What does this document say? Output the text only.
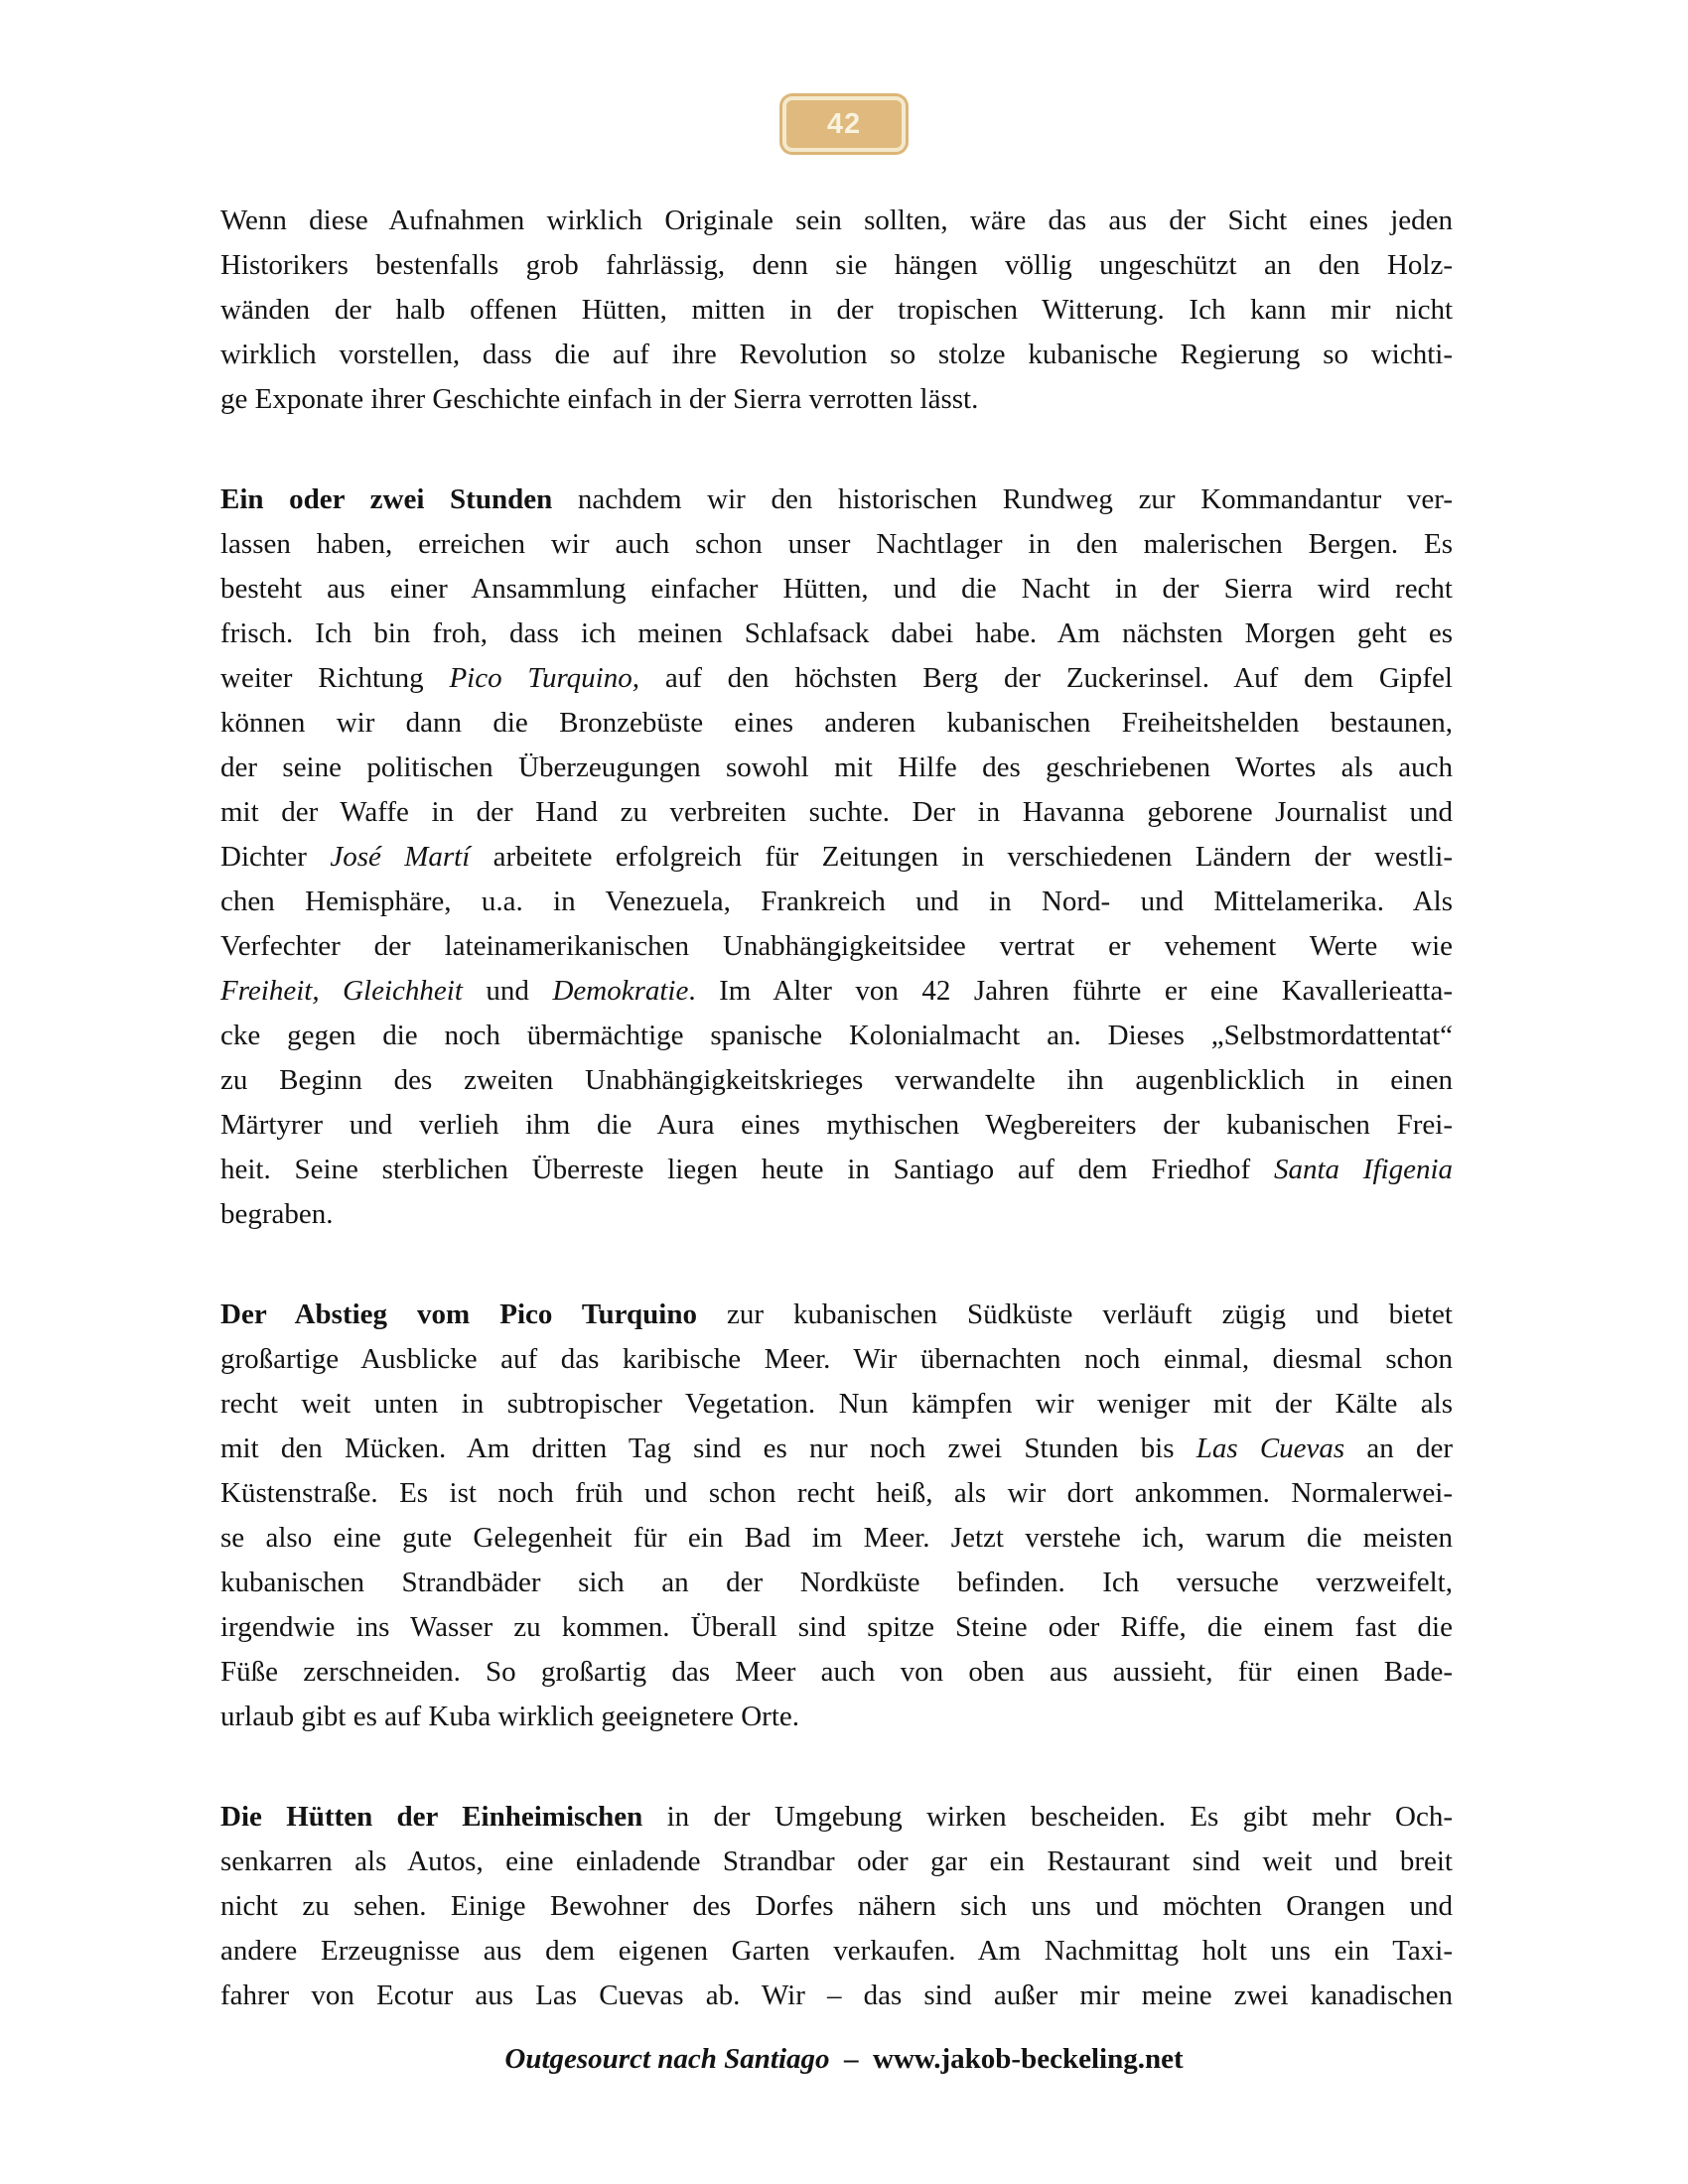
42
Wenn diese Aufnahmen wirklich Originale sein sollten, wäre das aus der Sicht eines jeden
Historikers bestenfalls grob fahrlässig, denn sie hängen völlig ungeschützt an den Holz-
wänden der halb offenen Hütten, mitten in der tropischen Witterung. Ich kann mir nicht
wirklich vorstellen, dass die auf ihre Revolution so stolze kubanische Regierung so wichti-
ge Exponate ihrer Geschichte einfach in der Sierra verrotten lässt.
Ein oder zwei Stunden nachdem wir den historischen Rundweg zur Kommandantur ver-
lassen haben, erreichen wir auch schon unser Nachtlager in den malerischen Bergen. Es
besteht aus einer Ansammlung einfacher Hütten, und die Nacht in der Sierra wird recht
frisch. Ich bin froh, dass ich meinen Schlafsack dabei habe. Am nächsten Morgen geht es
weiter Richtung Pico Turquino, auf den höchsten Berg der Zuckerinsel. Auf dem Gipfel
können wir dann die Bronzebüste eines anderen kubanischen Freiheitshelden bestaunen,
der seine politischen Überzeugungen sowohl mit Hilfe des geschriebenen Wortes als auch
mit der Waffe in der Hand zu verbreiten suchte. Der in Havanna geborene Journalist und
Dichter José Martí arbeitete erfolgreich für Zeitungen in verschiedenen Ländern der westli-
chen Hemisphäre, u.a. in Venezuela, Frankreich und in Nord- und Mittelamerika. Als
Verfechter der lateinamerikanischen Unabhängigkeitsidee vertrat er vehement Werte wie
Freiheit, Gleichheit und Demokratie. Im Alter von 42 Jahren führte er eine Kavallerieatta-
cke gegen die noch übermächtige spanische Kolonialmacht an. Dieses „Selbstmordattentat“
zu Beginn des zweiten Unabhängigkeitskrieges verwandelte ihn augenblicklich in einen
Märtyrer und verlieh ihm die Aura eines mythischen Wegbereiters der kubanischen Frei-
heit. Seine sterblichen Überreste liegen heute in Santiago auf dem Friedhof Santa Ifigenia
begraben.
Der Abstieg vom Pico Turquino zur kubanischen Südküste verläuft zügig und bietet
großartige Ausblicke auf das karibische Meer. Wir übernachten noch einmal, diesmal schon
recht weit unten in subtropischer Vegetation. Nun kämpfen wir weniger mit der Kälte als
mit den Mücken. Am dritten Tag sind es nur noch zwei Stunden bis Las Cuevas an der
Küstenstraße. Es ist noch früh und schon recht heiß, als wir dort ankommen. Normalerwei-
se also eine gute Gelegenheit für ein Bad im Meer. Jetzt verstehe ich, warum die meisten
kubanischen Strandbäder sich an der Nordküste befinden. Ich versuche verzweifelt,
irgendwie ins Wasser zu kommen. Überall sind spitze Steine oder Riffe, die einem fast die
Füße zerschneiden. So großartig das Meer auch von oben aus aussieht, für einen Bade-
urlaub gibt es auf Kuba wirklich geeignetere Orte.
Die Hütten der Einheimischen in der Umgebung wirken bescheiden. Es gibt mehr Och-
senkarren als Autos, eine einladende Strandbar oder gar ein Restaurant sind weit und breit
nicht zu sehen. Einige Bewohner des Dorfes nähern sich uns und möchten Orangen und
andere Erzeugnisse aus dem eigenen Garten verkaufen. Am Nachmittag holt uns ein Taxi-
fahrer von Ecotur aus Las Cuevas ab. Wir – das sind außer mir meine zwei kanadischen
Outgesourct nach Santiago  –  www.jakob-beckeling.net
